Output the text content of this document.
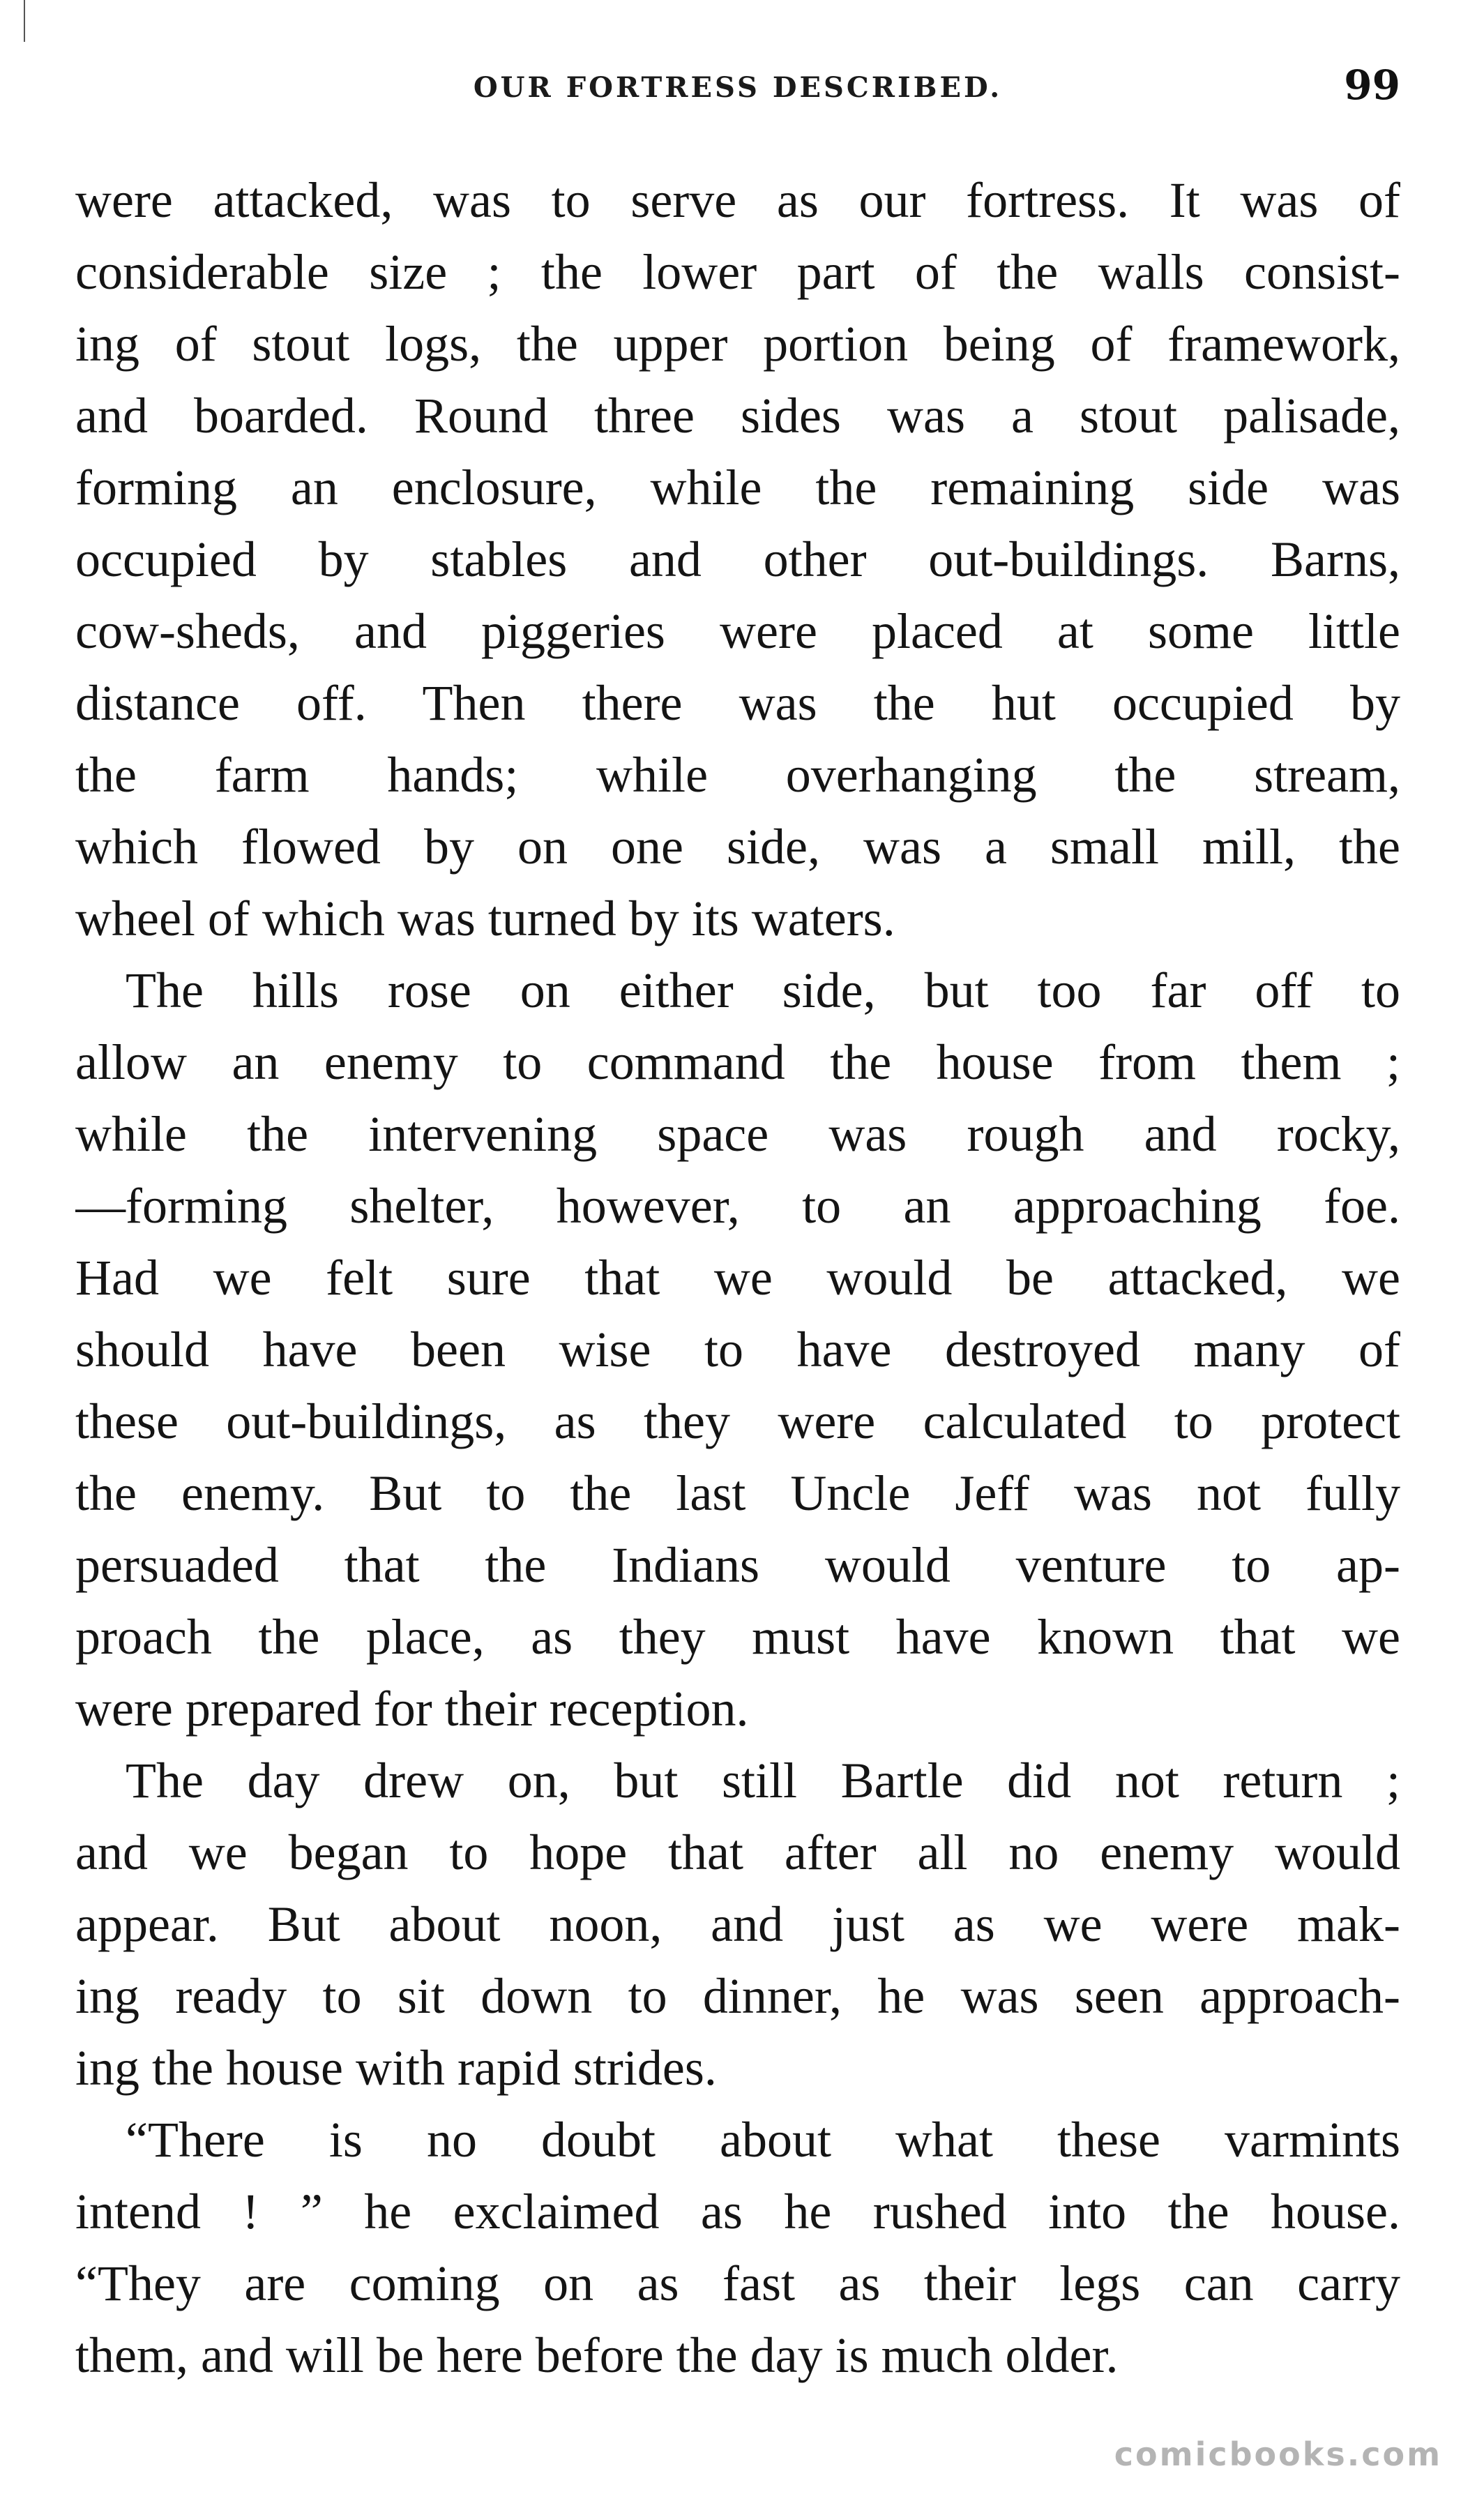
OUR FORTRESS DESCRIBED.	99
were attacked, was to serve as our fortress. It was of
considerable size ; the lower part of the walls consist-
ing of stout logs, the upper portion being of framework,
and boarded. Round three sides was a stout palisade,
forming an enclosure, while the remaining side was
occupied by stables and other out-buildings. Barns,
cow-sheds, and piggeries were placed at some little
distance off. Then there was the hut occupied by
the farm hands; while overhanging the stream,
which flowed by on one side, was a small mill, the
wheel of which was turned by its waters.
The hills rose on either side, but too far off to
allow an enemy to command the house from them ;
while the intervening space was rough and rocky,
—forming shelter, however, to an approaching foe.
Had we felt sure that we would be attacked, we
should have been wise to have destroyed many of
these out-buildings, as they were calculated to protect
the enemy. But to the last Uncle Jeff was not fully
persuaded that the Indians would venture to ap-
proach the place, as they must have known that we
were prepared for their reception.
The day drew on, but still Bartle did not return ;
and we began to hope that after all no enemy would
appear. But about noon, and just as we were mak-
ing ready to sit down to dinner, he was seen approach-
ing the house with rapid strides.
“There is no doubt about what these varmints
intend ! ” he exclaimed as he rushed into the house.
“They are coming on as fast as their legs can carry
them, and will be here before the day is much older.
comicbooks.com
